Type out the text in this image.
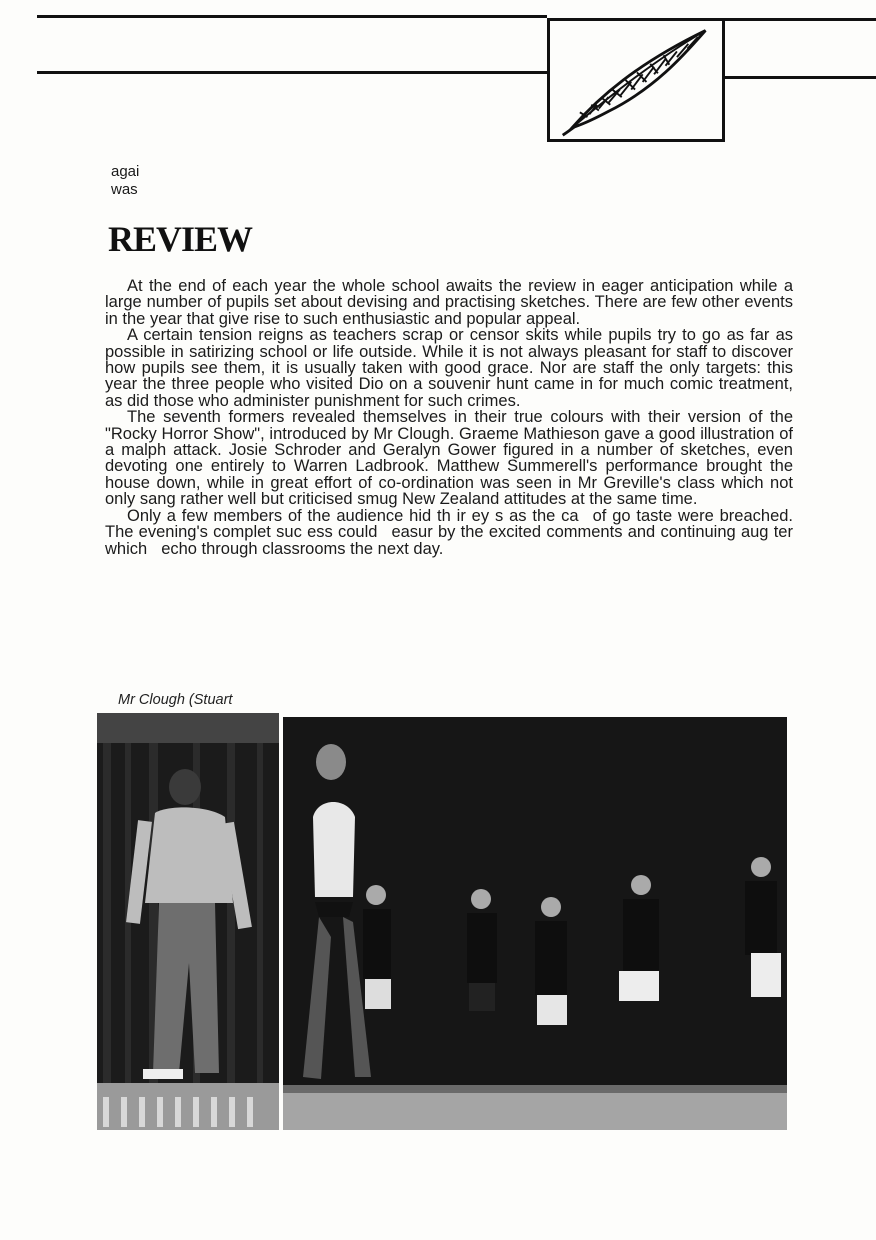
agai
was
REVIEW

At the end of each year the whole school awaits the review in eager anticipation while a large number of pupils set about devising and practising sketches. There are few other events in the year that give rise to such enthusiastic and popular appeal.

A certain tension reigns as teachers scrap or censor skits while pupils try to go as far as possible in satirizing school or life outside. While it is not always pleasant for staff to discover how pupils see them, it is usually taken with good grace. Nor are staff the only targets: this year the three people who visited Dio on a souvenir hunt came in for much comic treatment, as did those who administer punishment for such crimes.

The seventh formers revealed themselves in their true colours with their version of the "Rocky Horror Show", introduced by Mr Clough. Graeme Mathieson gave a good illustration of a malph attack. Josie Schroder and Geralyn Gower figured in a number of sketches, even devoting one entirely to Warren Ladbrook. Matthew Summerell's performance brought the house down, while in great effort of co-ordination was seen in Mr Greville's class which not only sang rather well but criticised smug New Zealand attitudes at the same time.

Only a few members of the audience hid th ir ey s as the ca of go taste were breached. The evening's complet suc ess could easur by the excited comments and continuing aug ter which echo through classrooms the next day.

Mr Clough (Stuart
